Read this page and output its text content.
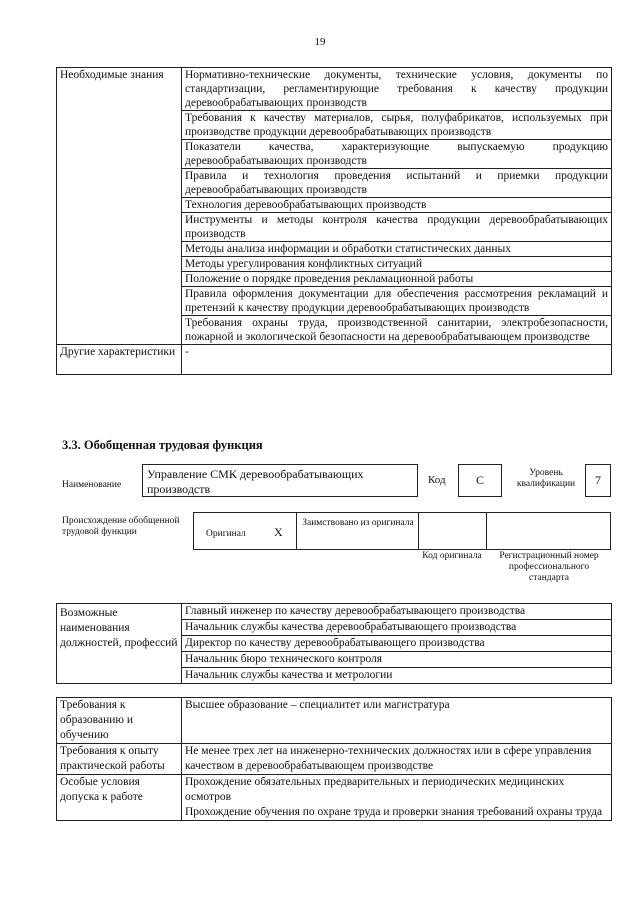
19
Необходимые знания	Нормативно-технические документы, технические условия, документы по стандартизации, регламентирующие требования к качеству продукции деревообрабатывающих производств
	Требования к качеству материалов, сырья, полуфабрикатов, используемых при производстве продукции деревообрабатывающих производств
	Показатели качества, характеризующие выпускаемую продукцию деревообрабатывающих производств
	Правила и технология проведения испытаний и приемки продукции деревообрабатывающих производств
	Технология деревообрабатывающих производств
	Инструменты и методы контроля качества продукции деревообрабатывающих производств
	Методы анализа информации и обработки статистических данных
	Методы урегулирования конфликтных ситуаций
	Положение о порядке проведения рекламационной работы
	Правила оформления документации для обеспечения рассмотрения рекламаций и претензий к качеству продукции деревообрабатывающих производств
	Требования охраны труда, производственной санитарии, электробезопасности, пожарной и экологической безопасности на деревообрабатывающем производстве
Другие характеристики	-
3.3. Обобщенная трудовая функция
Наименование
Управление СМК деревообрабатывающих производств
Код	C	Уровень квалификации	7
Происхождение обобщенной трудовой функции	Оригинал X
Заимствовано из оригинала
Код оригинала	Регистрационный номер профессионального стандарта
Возможные наименования должностей, профессий	
Главный инженер по качеству деревообрабатывающего производства
Начальник службы качества деревообрабатывающего производства
Директор по качеству деревообрабатывающего производства
Начальник бюро технического контроля
Начальник службы качества и метрологии
Требования к образованию и обучению	Высшее образование – специалитет или магистратура
Требования к опыту практической работы	Не менее трех лет на инженерно-технических должностях или в сфере управления качеством в деревообрабатывающем производстве
Особые условия допуска к работе	Прохождение обязательных предварительных и периодических медицинских осмотров
Прохождение обучения по охране труда и проверки знания требований охраны труда
